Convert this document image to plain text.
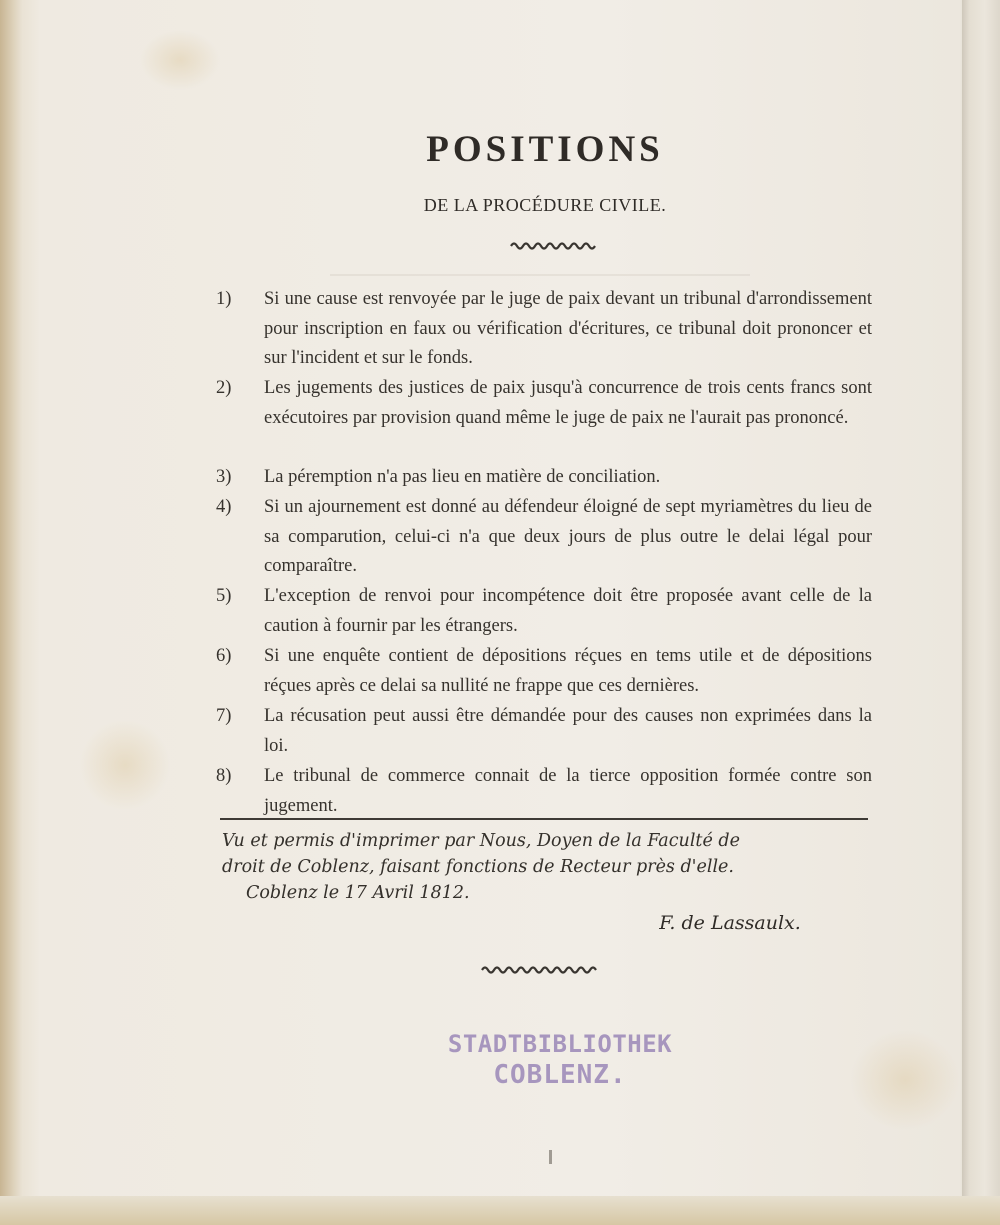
POSITIONS
DE LA PROCÉDURE CIVILE.
1) Si une cause est renvoyée par le juge de paix devant un tribunal d'arrondissement pour inscription en faux ou vérification d'écritures, ce tribunal doit prononcer et sur l'incident et sur le fonds.
2) Les jugements des justices de paix jusqu'à concurrence de trois cents francs sont exécutoires par provision quand même le juge de paix ne l'aurait pas prononcé.
3) La péremption n'a pas lieu en matière de conciliation.
4) Si un ajournement est donné au défendeur éloigné de sept myriamètres du lieu de sa comparution, celui-ci n'a que deux jours de plus outre le delai légal pour comparaître.
5) L'exception de renvoi pour incompétence doit être proposée avant celle de la caution à fournir par les étrangers.
6) Si une enquête contient de dépositions réçues en tems utile et de dépositions réçues après ce delai sa nullité ne frappe que ces dernières.
7) La récusation peut aussi être démandée pour des causes non exprimées dans la loi.
8) Le tribunal de commerce connait de la tierce opposition formée contre son jugement.
Vu et permis d'imprimer par Nous, Doyen de la Faculté de
droit de Coblenz, faisant fonctions de Recteur près d'elle.
Coblenz le 17 Avril 1812.
F. de Lassaulx.
STADTBIBLIOTHEK
COBLENZ.
